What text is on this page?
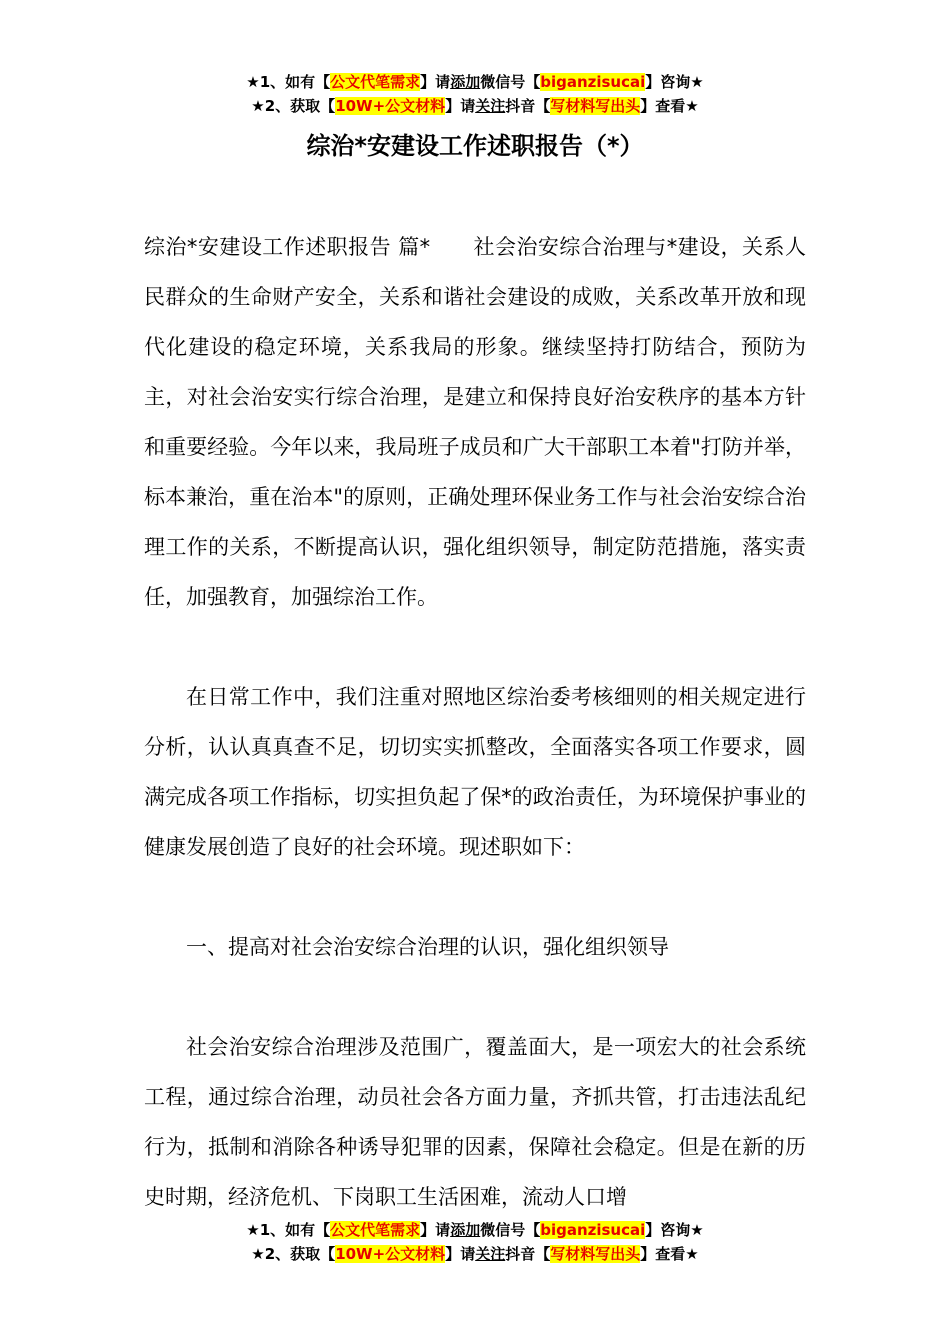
★1、如有【公文代笔需求】请添加微信号【biganzisucai】咨询★
★2、获取【10W+公文材料】请关注抖音【写材料写出头】查看★
综治*安建设工作述职报告（*）

综治*安建设工作述职报告 篇*　　社会治安综合治理与*建设，关系人民群众的生命财产安全，关系和谐社会建设的成败，关系改革开放和现代化建设的稳定环境，关系我局的形象。继续坚持打防结合，预防为主，对社会治安实行综合治理，是建立和保持良好治安秩序的基本方针和重要经验。今年以来，我局班子成员和广大干部职工本着"打防并举，标本兼治，重在治本"的原则，正确处理环保业务工作与社会治安综合治理工作的关系，不断提高认识，强化组织领导，制定防范措施，落实责任，加强教育，加强综治工作。

在日常工作中，我们注重对照地区综治委考核细则的相关规定进行分析，认认真真查不足，切切实实抓整改，全面落实各项工作要求，圆满完成各项工作指标，切实担负起了保*的政治责任，为环境保护事业的健康发展创造了良好的社会环境。现述职如下：

一、提高对社会治安综合治理的认识，强化组织领导

社会治安综合治理涉及范围广，覆盖面大，是一项宏大的社会系统工程，通过综合治理，动员社会各方面力量，齐抓共管，打击违法乱纪行为，抵制和消除各种诱导犯罪的因素，保障社会稳定。但是在新的历史时期，经济危机、下岗职工生活困难，流动人口增

★1、如有【公文代笔需求】请添加微信号【biganzisucai】咨询★
★2、获取【10W+公文材料】请关注抖音【写材料写出头】查看★
